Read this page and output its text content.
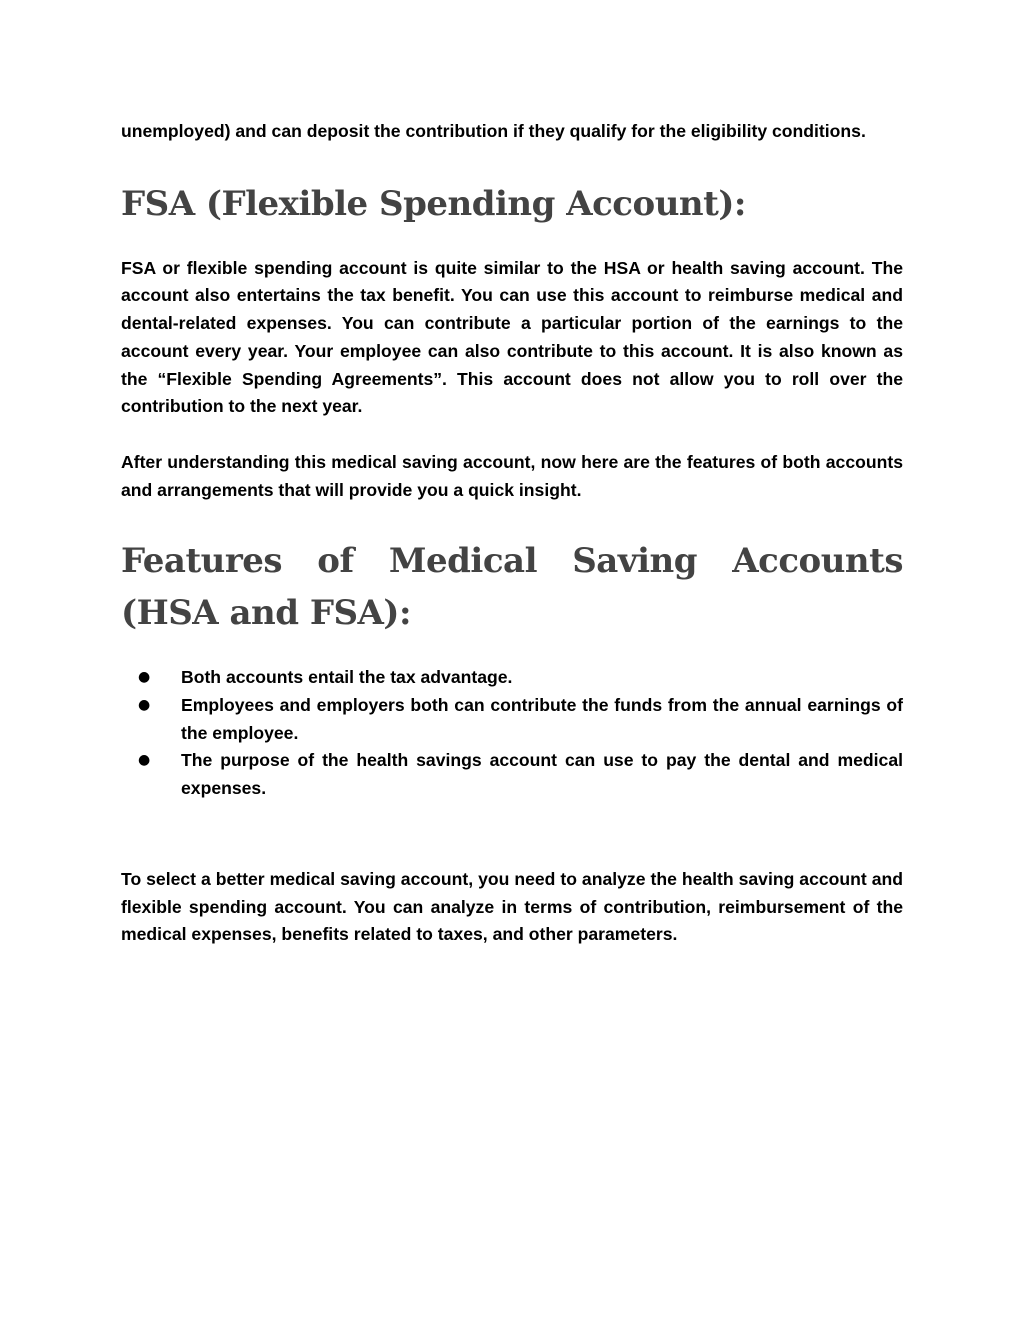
unemployed) and can deposit the contribution if they qualify for the eligibility conditions.

FSA (Flexible Spending Account):

FSA or flexible spending account is quite similar to the HSA or health saving account. The account also entertains the tax benefit. You can use this account to reimburse medical and dental-related expenses. You can contribute a particular portion of the earnings to the account every year. Your employee can also contribute to this account. It is also known as the “Flexible Spending Agreements”. This account does not allow you to roll over the contribution to the next year.

After understanding this medical saving account, now here are the features of both accounts and arrangements that will provide you a quick insight.

Features of Medical Saving Accounts (HSA and FSA):
● Both accounts entail the tax advantage.

● Employees and employers both can contribute the funds from the annual earnings of the employee.

● The purpose of the health savings account can use to pay the dental and medical expenses.

To select a better medical saving account, you need to analyze the health saving account and flexible spending account. You can analyze in terms of contribution, reimbursement of the medical expenses, benefits related to taxes, and other parameters.
